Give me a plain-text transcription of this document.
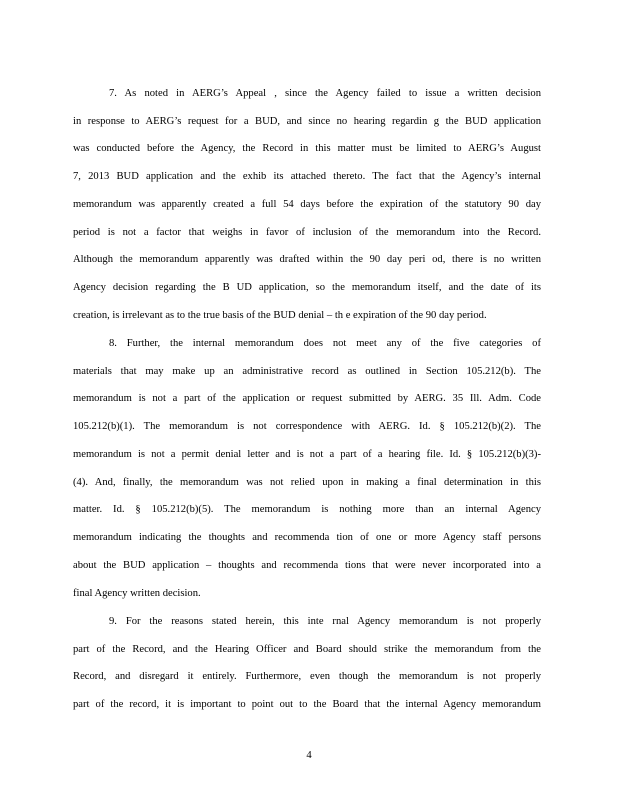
7. As noted in AERG’s Appeal , since the Agency failed to issue a written decision
in response to AERG’s request for a BUD, and since no hearing regardin g the BUD application
was conducted before the Agency, the Record in this matter must be limited to AERG’s August
7, 2013 BUD application and the exhib its attached thereto. The fact that the Agency’s internal
memorandum was apparently created a full 54 days before the expiration of the statutory 90 day
period is not a factor that weighs in favor of inclusion of the memorandum into the Record.
Although the memorandum apparently was drafted within the 90 day peri od, there is no written
Agency decision regarding the B UD application, so the memorandum itself, and the date of its
creation, is irrelevant as to the true basis of the BUD denial – th e expiration of the 90 day period.
8. Further, the internal memorandum does not meet any of the five categories of
materials that may make up an administrative record as outlined in Section 105.212(b). The
memorandum is not a part of the application or request submitted by AERG. 35 Ill. Adm. Code
105.212(b)(1). The memorandum is not correspondence with AERG. Id. § 105.212(b)(2). The
memorandum is not a permit denial letter and is not a part of a hearing file. Id. § 105.212(b)(3)-
(4). And, finally, the memorandum was not relied upon in making a final determination in this
matter. Id. § 105.212(b)(5). The memorandum is nothing more than an internal Agency
memorandum indicating the thoughts and recommenda tion of one or more Agency staff persons
about the BUD application – thoughts and recommenda tions that were never incorporated into a
final Agency written decision.
9. For the reasons stated herein, this inte rnal Agency memorandum is not properly
part of the Record, and the Hearing Officer and Board should strike the memorandum from the
Record, and disregard it entirely. Furthermore, even though the memorandum is not properly
part of the record, it is important to point out to the Board that the internal Agency memorandum
4
